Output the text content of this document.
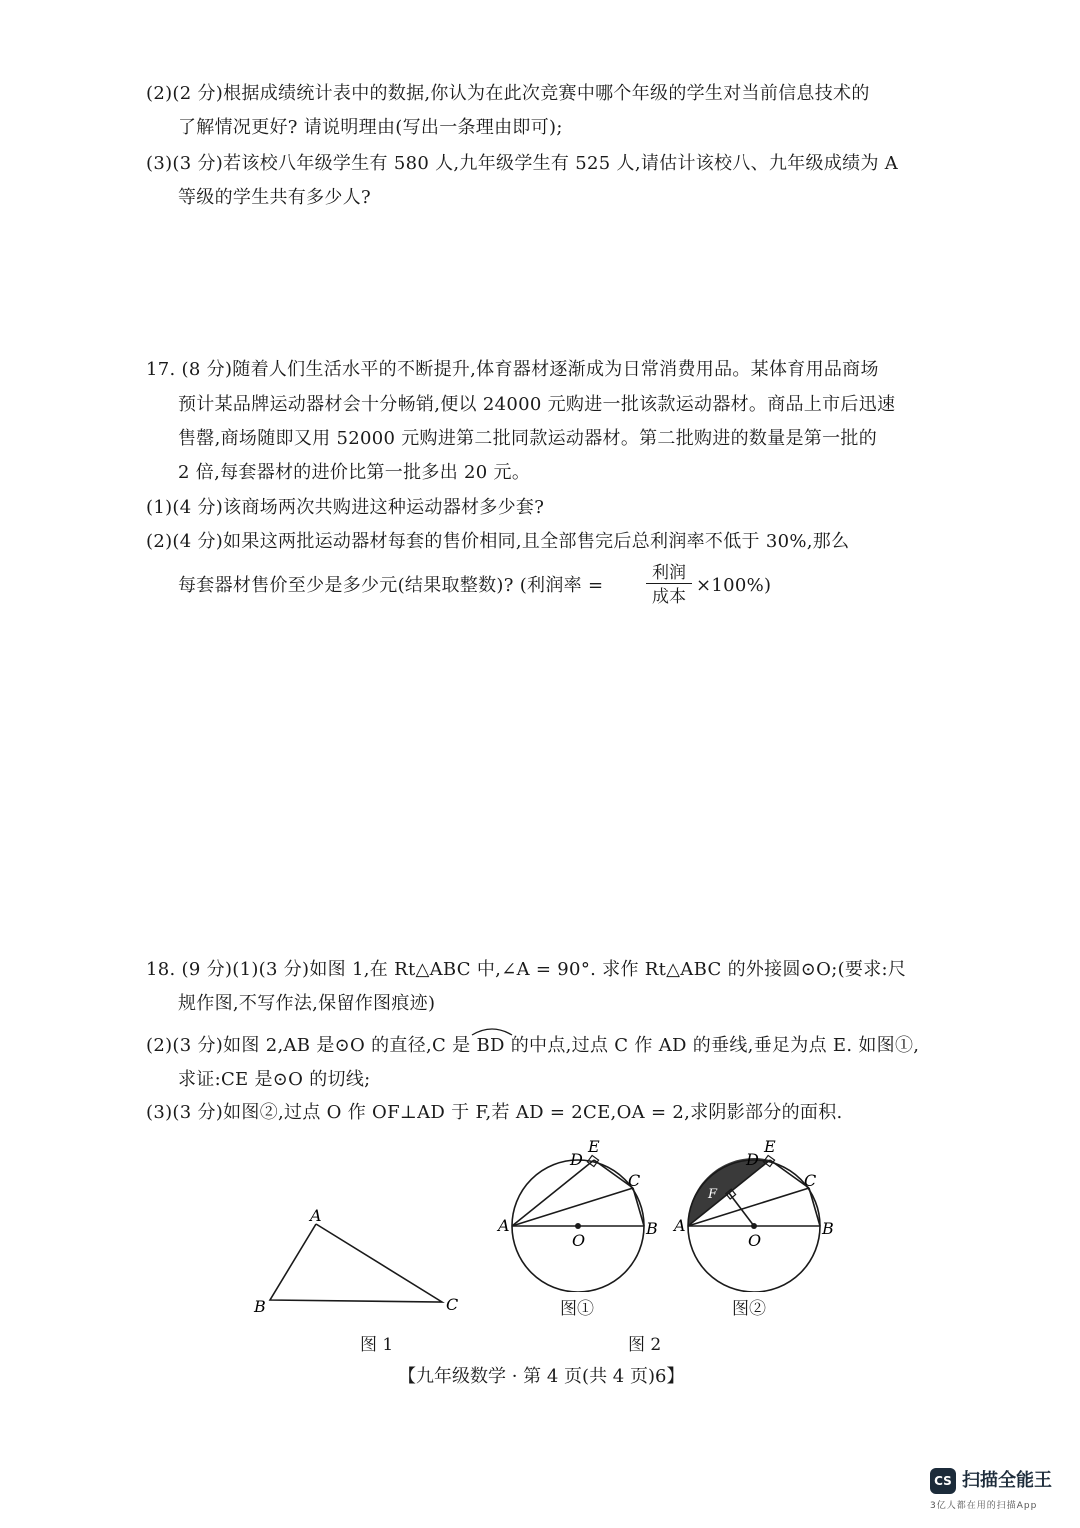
(2)(2 分)根据成绩统计表中的数据,你认为在此次竞赛中哪个年级的学生对当前信息技术的
了解情况更好? 请说明理由(写出一条理由即可);
(3)(3 分)若该校八年级学生有 580 人,九年级学生有 525 人,请估计该校八、九年级成绩为 A
等级的学生共有多少人?
17. (8 分)随着人们生活水平的不断提升,体育器材逐渐成为日常消费用品。某体育用品商场
预计某品牌运动器材会十分畅销,便以 24000 元购进一批该款运动器材。商品上市后迅速
售罄,商场随即又用 52000 元购进第二批同款运动器材。第二批购进的数量是第一批的
2 倍,每套器材的进价比第一批多出 20 元。
(1)(4 分)该商场两次共购进这种运动器材多少套?
(2)(4 分)如果这两批运动器材每套的售价相同,且全部售完后总利润率不低于 30%,那么
每套器材售价至少是多少元(结果取整数)? (利润率 =
利润
成本
×100%)
18. (9 分)(1)(3 分)如图 1,在 Rt△ABC 中,∠A = 90°. 求作 Rt△ABC 的外接圆⊙O;(要求:尺
规作图,不写作法,保留作图痕迹)
(2)(3 分)如图 2,AB 是⊙O 的直径,C 是 BD 的中点,过点 C 作 AD 的垂线,垂足为点 E. 如图①,
求证:CE 是⊙O 的切线;
(3)(3 分)如图②,过点 O 作 OF⊥AD 于 F,若 AD = 2CE,OA = 2,求阴影部分的面积.
A
B	C
图 1
A	B
C
D
E
O
图①
F
A	B
C
D
E
O
图②
图 2
【九年级数学 · 第 4 页(共 4 页)6】
CS 扫描全能王
3亿人都在用的扫描App
